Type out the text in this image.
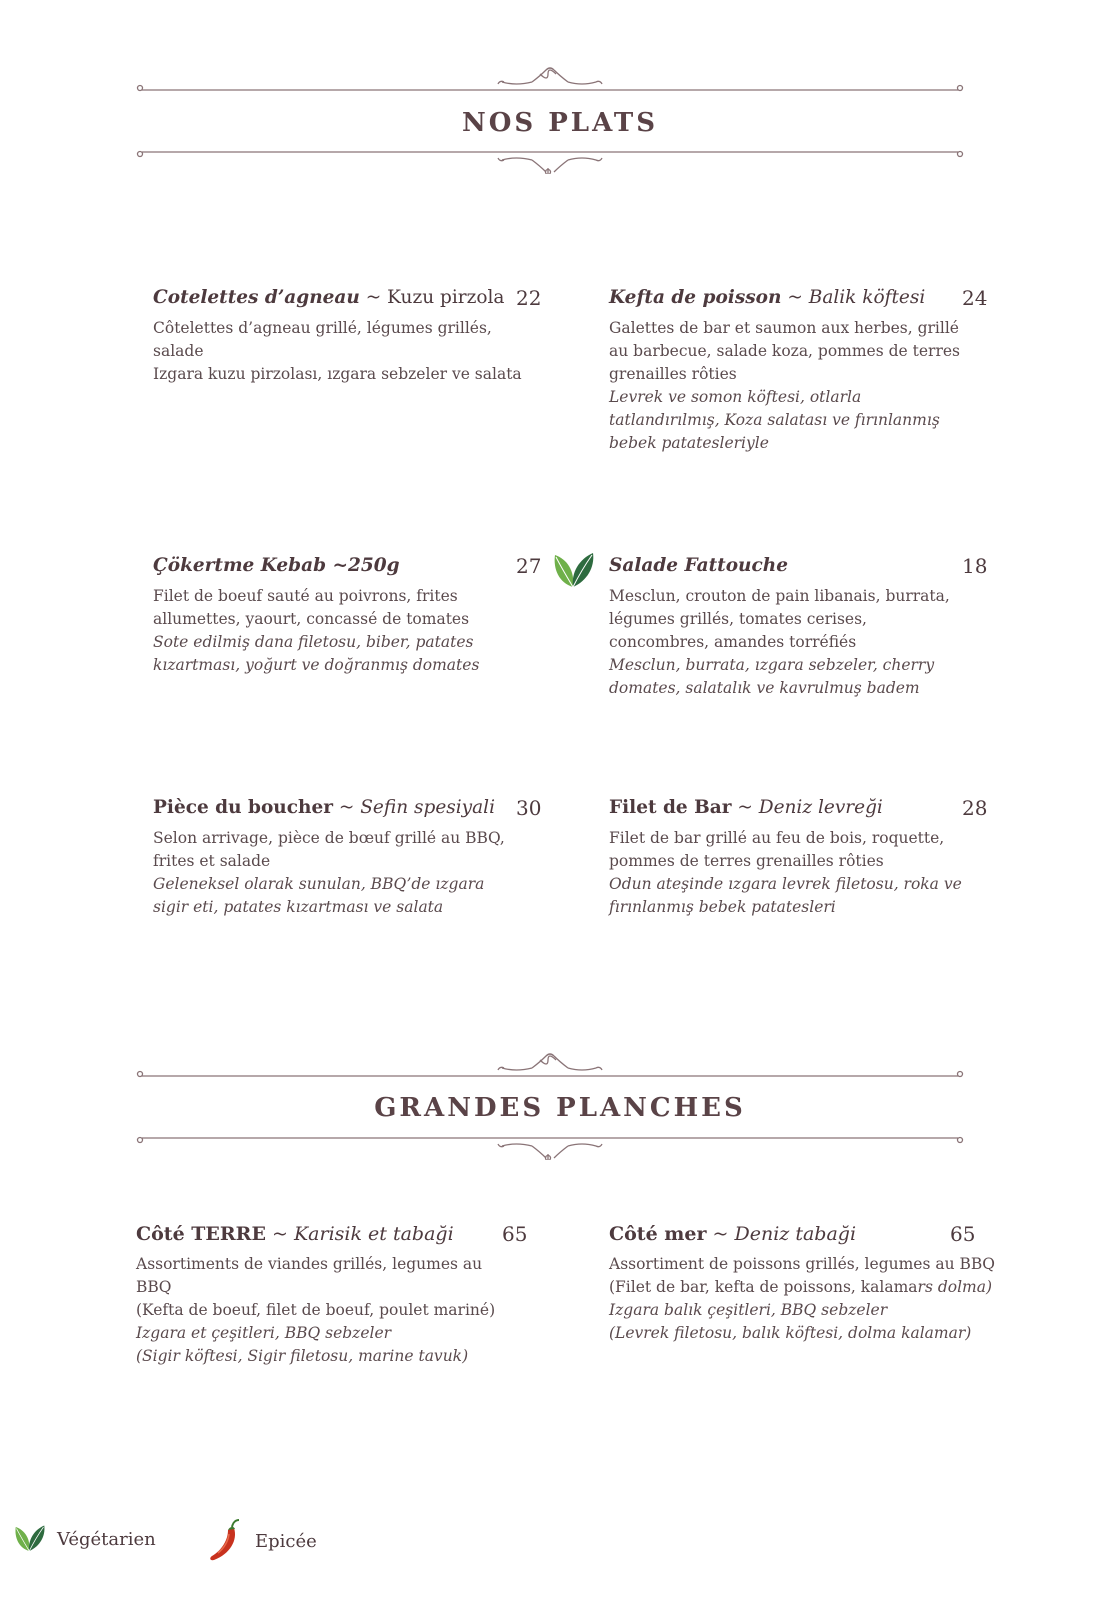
NOS PLATS
Cotelettes d’agneau ~ Kuzu pirzola
Côtelettes d’agneau grillé, légumes grillés, salade
Izgara kuzu pirzolası, ızgara sebzeler ve salata
22	Kefta de poisson ~ Balik köftesi
Galettes de bar et saumon aux herbes, grillé au barbecue, salade koza, pommes de terres grenailles rôties
Levrek ve somon köftesi, otlarla tatlandırılmış, Koza salatası ve fırınlanmış bebek patatesleriyle
24
Çökertme Kebab ~250g
Filet de boeuf sauté au poivrons, frites allumettes, yaourt, concassé de tomates
Sote edilmiş dana filetosu, biber, patates kızartması, yoğurt ve doğranmış domates
27	Salade Fattouche
Mesclun, crouton de pain libanais, burrata, légumes grillés, tomates cerises, concombres, amandes torréfiés
Mesclun, burrata, ızgara sebzeler, cherry domates, salatalık ve kavrulmuş badem
18
Pièce du boucher ~ Sefin spesiyali
Selon arrivage, pièce de bœuf grillé au BBQ, frites et salade
Geleneksel olarak sunulan, BBQ’de ızgara sigir eti, patates kızartması ve salata
30	Filet de Bar ~ Deniz levreği
Filet de bar grillé au feu de bois, roquette, pommes de terres grenailles rôties
Odun ateşinde ızgara levrek filetosu, roka ve fırınlanmış bebek patatesleri
28
GRANDES PLANCHES
Côté TERRE ~ Karisik et tabaği
Assortiments de viandes grillés, legumes au BBQ
(Kefta de boeuf, filet de boeuf, poulet mariné)
Izgara et çeşitleri, BBQ sebzeler
(Sigir köftesi, Sigir filetosu, marine tavuk)
65	Côté mer ~ Deniz tabaği
Assortiment de poissons grillés, legumes au BBQ
(Filet de bar, kefta de poissons, kalamars dolma)
Izgara balık çeşitleri, BBQ sebzeler
(Levrek filetosu, balık köftesi, dolma kalamar)
65
Végétarien	Epicée
